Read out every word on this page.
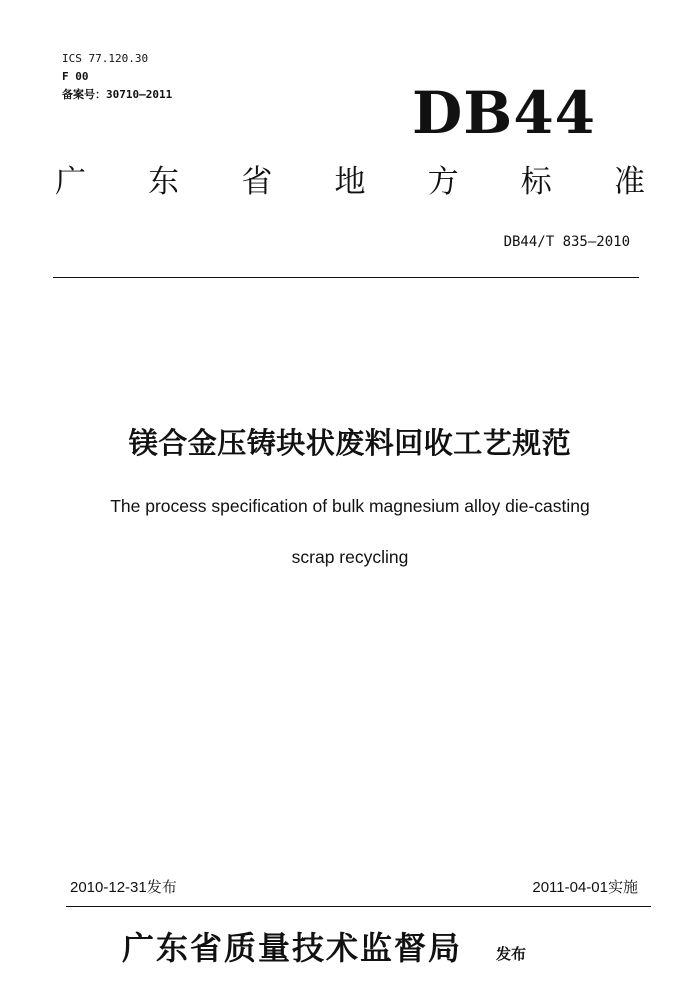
ICS 77.120.30
F 00
备案号：30710—2011	DB44
广 东 省 地 方 标 准
DB44/T 835—2010
镁合金压铸块状废料回收工艺规范
The process specification of bulk magnesium alloy die-casting
scrap recycling
2010-12-31发布	2011-04-01实施
广东省质量技术监督局 发布
